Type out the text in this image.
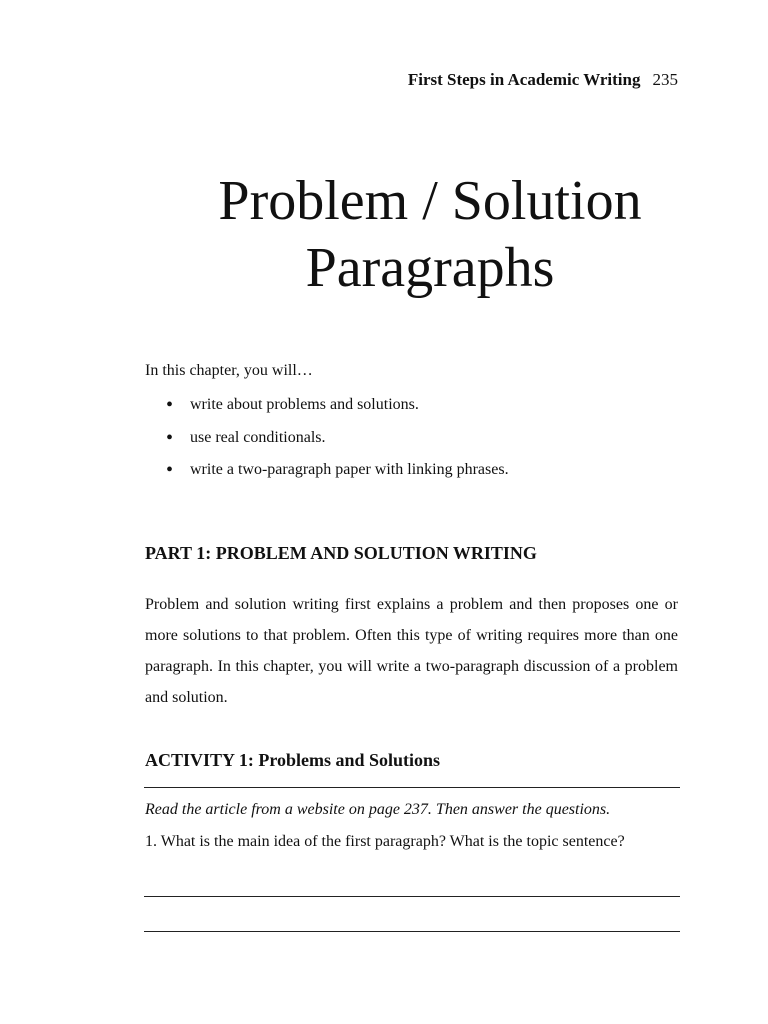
First Steps in Academic Writing 235
Problem / Solution
Paragraphs
In this chapter, you will…
• write about problems and solutions.
• use real conditionals.
• write a two-paragraph paper with linking phrases.
PART 1: PROBLEM AND SOLUTION WRITING

Problem and solution writing first explains a problem and then proposes one or more solutions to that problem. Often this type of writing requires more than one paragraph. In this chapter, you will write a two-paragraph discussion of a problem and solution.

ACTIVITY 1: Problems and Solutions
Read the article from a website on page 237. Then answer the questions.
1. What is the main idea of the first paragraph? What is the topic sentence?
